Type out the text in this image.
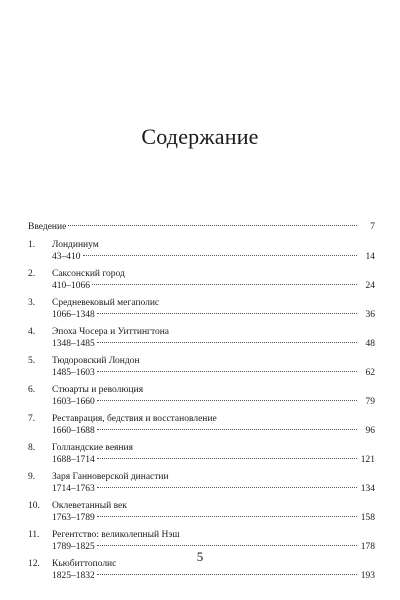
Содержание
Введение	7
1.	Лондиниум
43–410	14
2.	Саксонский город
410–1066	24
3.	Средневековый мегаполис
1066–1348	36
4.	Эпоха Чосера и Уиттингтона
1348–1485	48
5.	Тюдоровский Лондон
1485–1603	62
6.	Стюарты и революция
1603–1660	79
7.	Реставрация, бедствия и восстановление
1660–1688	96
8.	Голландские веяния
1688–1714	121
9.	Заря Ганноверской династии
1714–1763	134
10.	Оклеветанный век
1763–1789	158
11.	Регентство: великолепный Нэш
1789–1825	178
12.	Кьюбиттополис
1825–1832	193
5
